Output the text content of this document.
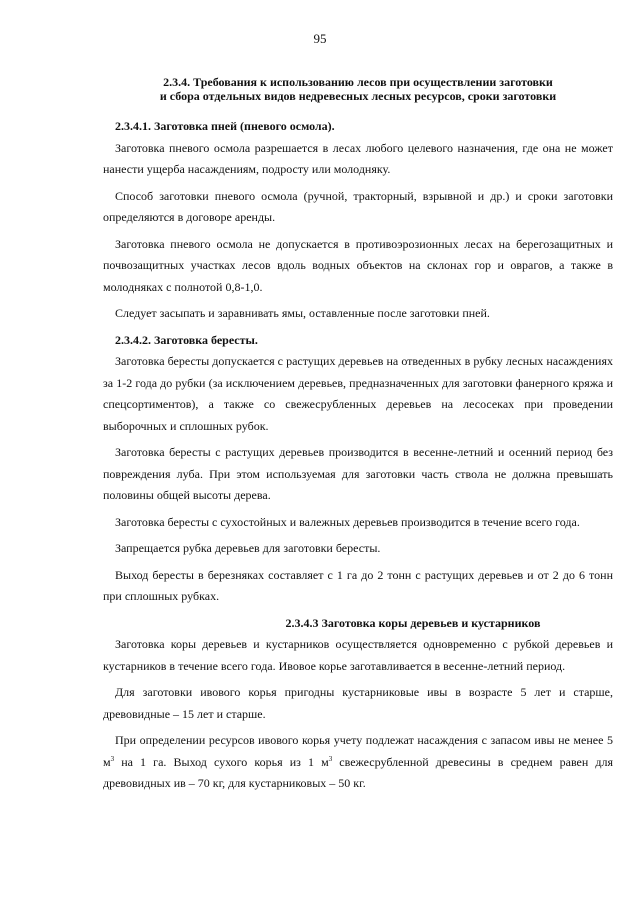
95
2.3.4. Требования к использованию лесов при осуществлении заготовки
и сбора отдельных видов недревесных лесных ресурсов, сроки заготовки
2.3.4.1. Заготовка пней (пневого осмола).

Заготовка пневого осмола разрешается в лесах любого целевого назначения, где она не может нанести ущерба насаждениям, подросту или молодняку.

Способ заготовки пневого осмола (ручной, тракторный, взрывной и др.) и сроки заготовки определяются в договоре аренды.

Заготовка пневого осмола не допускается в противоэрозионных лесах на берегозащитных и почвозащитных участках лесов вдоль водных объектов на склонах гор и оврагов, а также в молодняках с полнотой 0,8-1,0.

Следует засыпать и заравнивать ямы, оставленные после заготовки пней.

2.3.4.2. Заготовка бересты.

Заготовка бересты допускается с растущих деревьев на отведенных в рубку лесных насаждениях за 1-2 года до рубки (за исключением деревьев, предназначенных для заготовки фанерного кряжа и спецсортиментов), а также со свежесрубленных деревьев на лесосеках при проведении выборочных и сплошных рубок.

Заготовка бересты с растущих деревьев производится в весенне-летний и осенний период без повреждения луба. При этом используемая для заготовки часть ствола не должна превышать половины общей высоты дерева.

Заготовка бересты с сухостойных и валежных деревьев производится в течение всего года.

Запрещается рубка деревьев для заготовки бересты.

Выход бересты в березняках составляет с 1 га до 2 тонн с растущих деревьев и от 2 до 6 тонн при сплошных рубках.

2.3.4.3 Заготовка коры деревьев и кустарников

Заготовка коры деревьев и кустарников осуществляется одновременно с рубкой деревьев и кустарников в течение всего года. Ивовое корье заготавливается в весенне-летний период.

Для заготовки ивового корья пригодны кустарниковые ивы в возрасте 5 лет и старше, древовидные – 15 лет и старше.

При определении ресурсов ивового корья учету подлежат насаждения с запасом ивы не менее 5 $м^3$ на 1 га. Выход сухого корья из 1 $м^3$ свежесрубленной древесины в среднем равен для древовидных ив – 70 кг, для кустарниковых – 50 кг.
